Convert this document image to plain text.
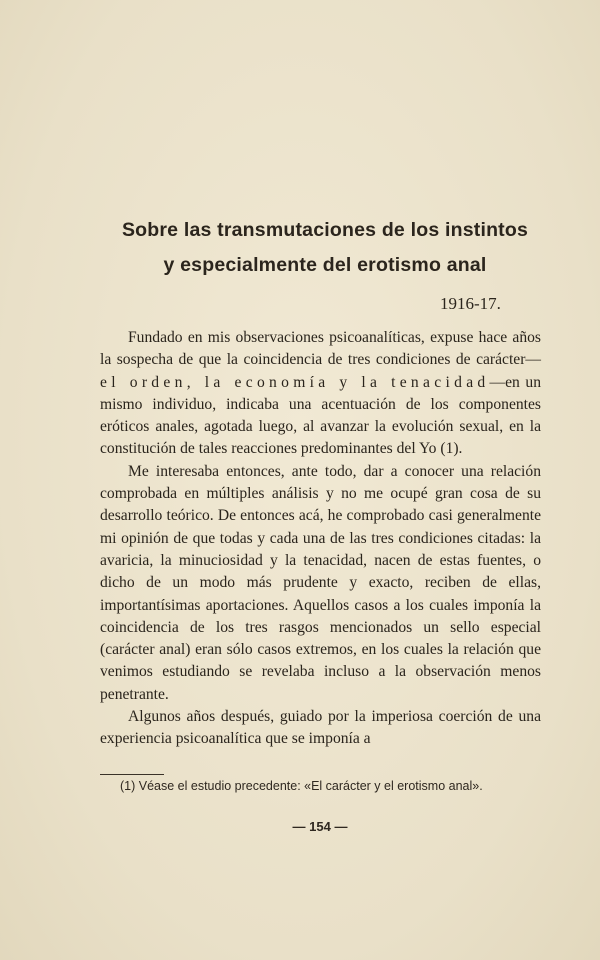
Sobre las transmutaciones de los instintos
y especialmente del erotismo anal
1916-17.

Fundado en mis observaciones psicoanalíticas, expuse hace años la sospecha de que la coincidencia de tres condiciones de carácter—el orden, la economía y la tenacidad—en un mismo individuo, indicaba una acentuación de los componentes eróticos anales, agotada luego, al avanzar la evolución sexual, en la constitución de tales reacciones predominantes del Yo (1).

Me interesaba entonces, ante todo, dar a conocer una relación comprobada en múltiples análisis y no me ocupé gran cosa de su desarrollo teórico. De entonces acá, he comprobado casi generalmente mi opinión de que todas y cada una de las tres condiciones citadas: la avaricia, la minuciosidad y la tenacidad, nacen de estas fuentes, o dicho de un modo más prudente y exacto, reciben de ellas, importantísimas aportaciones. Aquellos casos a los cuales imponía la coincidencia de los tres rasgos mencionados un sello especial (carácter anal) eran sólo casos extremos, en los cuales la relación que venimos estudiando se revelaba incluso a la observación menos penetrante.

Algunos años después, guiado por la imperiosa coerción de una experiencia psicoanalítica que se imponía a

(1) Véase el estudio precedente: «El carácter y el erotismo anal».
— 154 —
